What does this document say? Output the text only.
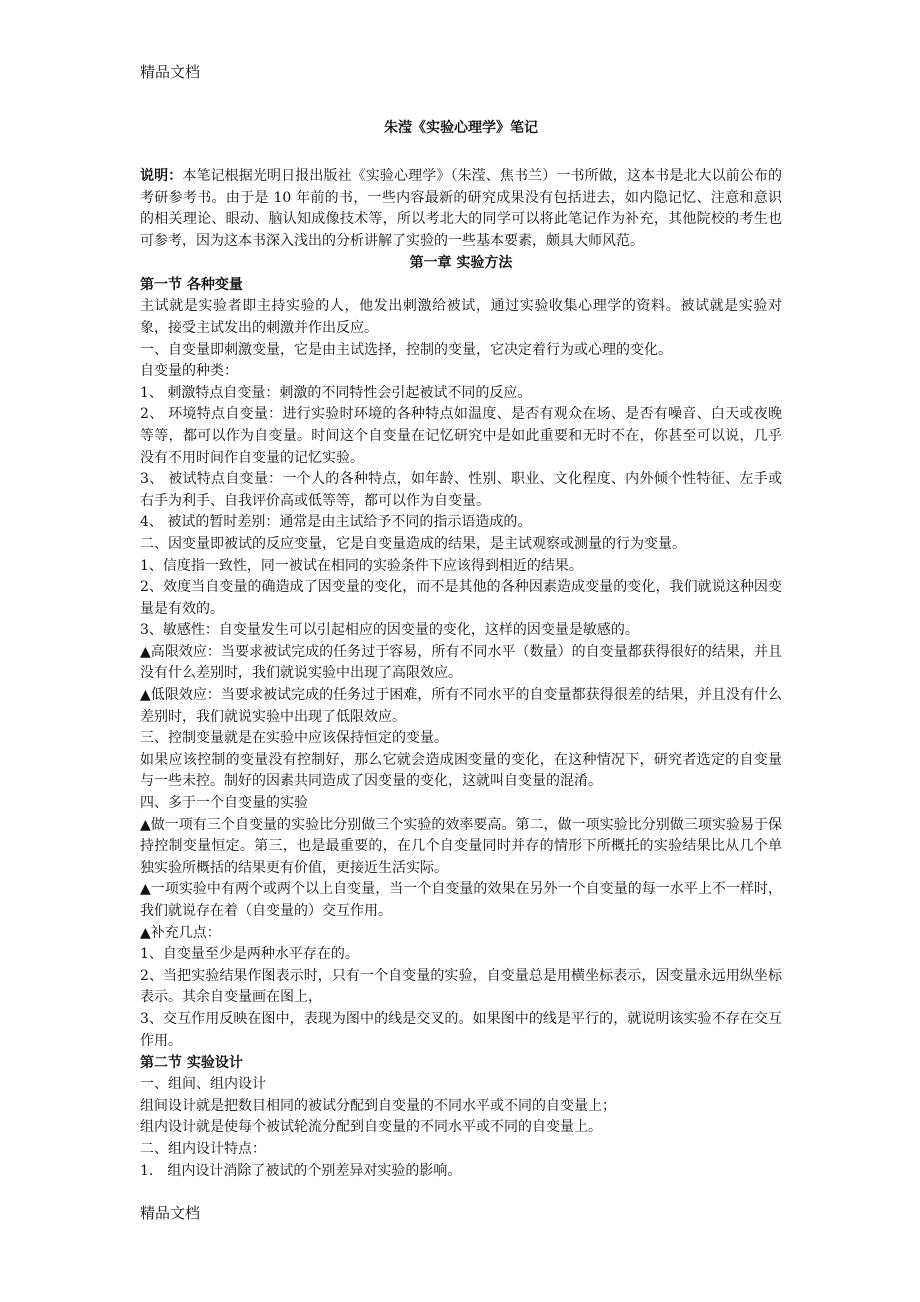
精品文档

朱滢《实验心理学》笔记

说明：本笔记根据光明日报出版社《实验心理学》（朱滢、焦书兰）一书所做，这本书是北大以前公布的考研参考书。由于是 10 年前的书，一些内容最新的研究成果没有包括进去，如内隐记忆、注意和意识的相关理论、眼动、脑认知成像技术等，所以考北大的同学可以将此笔记作为补充，其他院校的考生也可参考，因为这本书深入浅出的分析讲解了实验的一些基本要素，颇具大师风范。

第一章 实验方法

第一节 各种变量

主试就是实验者即主持实验的人，他发出刺激给被试，通过实验收集心理学的资料。被试就是实验对象，接受主试发出的刺激并作出反应。

一、自变量即刺激变量，它是由主试选择，控制的变量，它决定着行为或心理的变化。

自变量的种类：

1、 刺激特点自变量：刺激的不同特性会引起被试不同的反应。

2、 环境特点自变量：进行实验时环境的各种特点如温度、是否有观众在场、是否有噪音、白天或夜晚等等，都可以作为自变量。时间这个自变量在记忆研究中是如此重要和无时不在，你甚至可以说，几乎没有不用时间作自变量的记忆实验。

3、 被试特点自变量：一个人的各种特点，如年龄、性别、职业、文化程度、内外倾个性特征、左手或右手为利手、自我评价高或低等等，都可以作为自变量。

4、 被试的暂时差别：通常是由主试给予不同的指示语造成的。

二、因变量即被试的反应变量，它是自变量造成的结果，是主试观察或测量的行为变量。

1、信度指一致性，同一被试在相同的实验条件下应该得到相近的结果。

2、效度当自变量的确造成了因变量的变化，而不是其他的各种因素造成变量的变化，我们就说这种因变量是有效的。

3、敏感性：自变量发生可以引起相应的因变量的变化，这样的因变量是敏感的。

▲高限效应：当要求被试完成的任务过于容易，所有不同水平（数量）的自变量都获得很好的结果，并且没有什么差别时，我们就说实验中出现了高限效应。

▲低限效应：当要求被试完成的任务过于困难，所有不同水平的自变量都获得很差的结果，并且没有什么差别时，我们就说实验中出现了低限效应。

三、控制变量就是在实验中应该保持恒定的变量。

如果应该控制的变量没有控制好，那么它就会造成困变量的变化，在这种情况下，研究者选定的自变量与一些未控。制好的因素共同造成了因变量的变化，这就叫自变量的混淆。

四、多于一个自变量的实验

▲做一项有三个自变量的实验比分别做三个实验的效率要高。第二，做一项实验比分别做三项实验易于保持控制变量恒定。第三，也是最重要的，在几个自变量同时并存的情形下所概托的实验结果比从几个单独实验所概括的结果更有价值，更接近生活实际。

▲一项实验中有两个或两个以上自变量，当一个自变量的效果在另外一个自变量的每一水平上不一样时，我们就说存在着（自变量的）交互作用。

▲补充几点：

1、自变量至少是两种水平存在的。

2、当把实验结果作图表示时，只有一个自变量的实验，自变量总是用横坐标表示，因变量永远用纵坐标表示。其余自变量画在图上，

3、交互作用反映在图中，表现为图中的线是交叉的。如果图中的线是平行的，就说明该实验不存在交互作用。

第二节 实验设计

一、组间、组内设计

组间设计就是把数目相同的被试分配到自变量的不同水平或不同的自变量上；

组内设计就是使每个被试轮流分配到自变量的不同水平或不同的自变量上。

二、组内设计特点：

1． 组内设计消除了被试的个别差异对实验的影响。

精品文档
